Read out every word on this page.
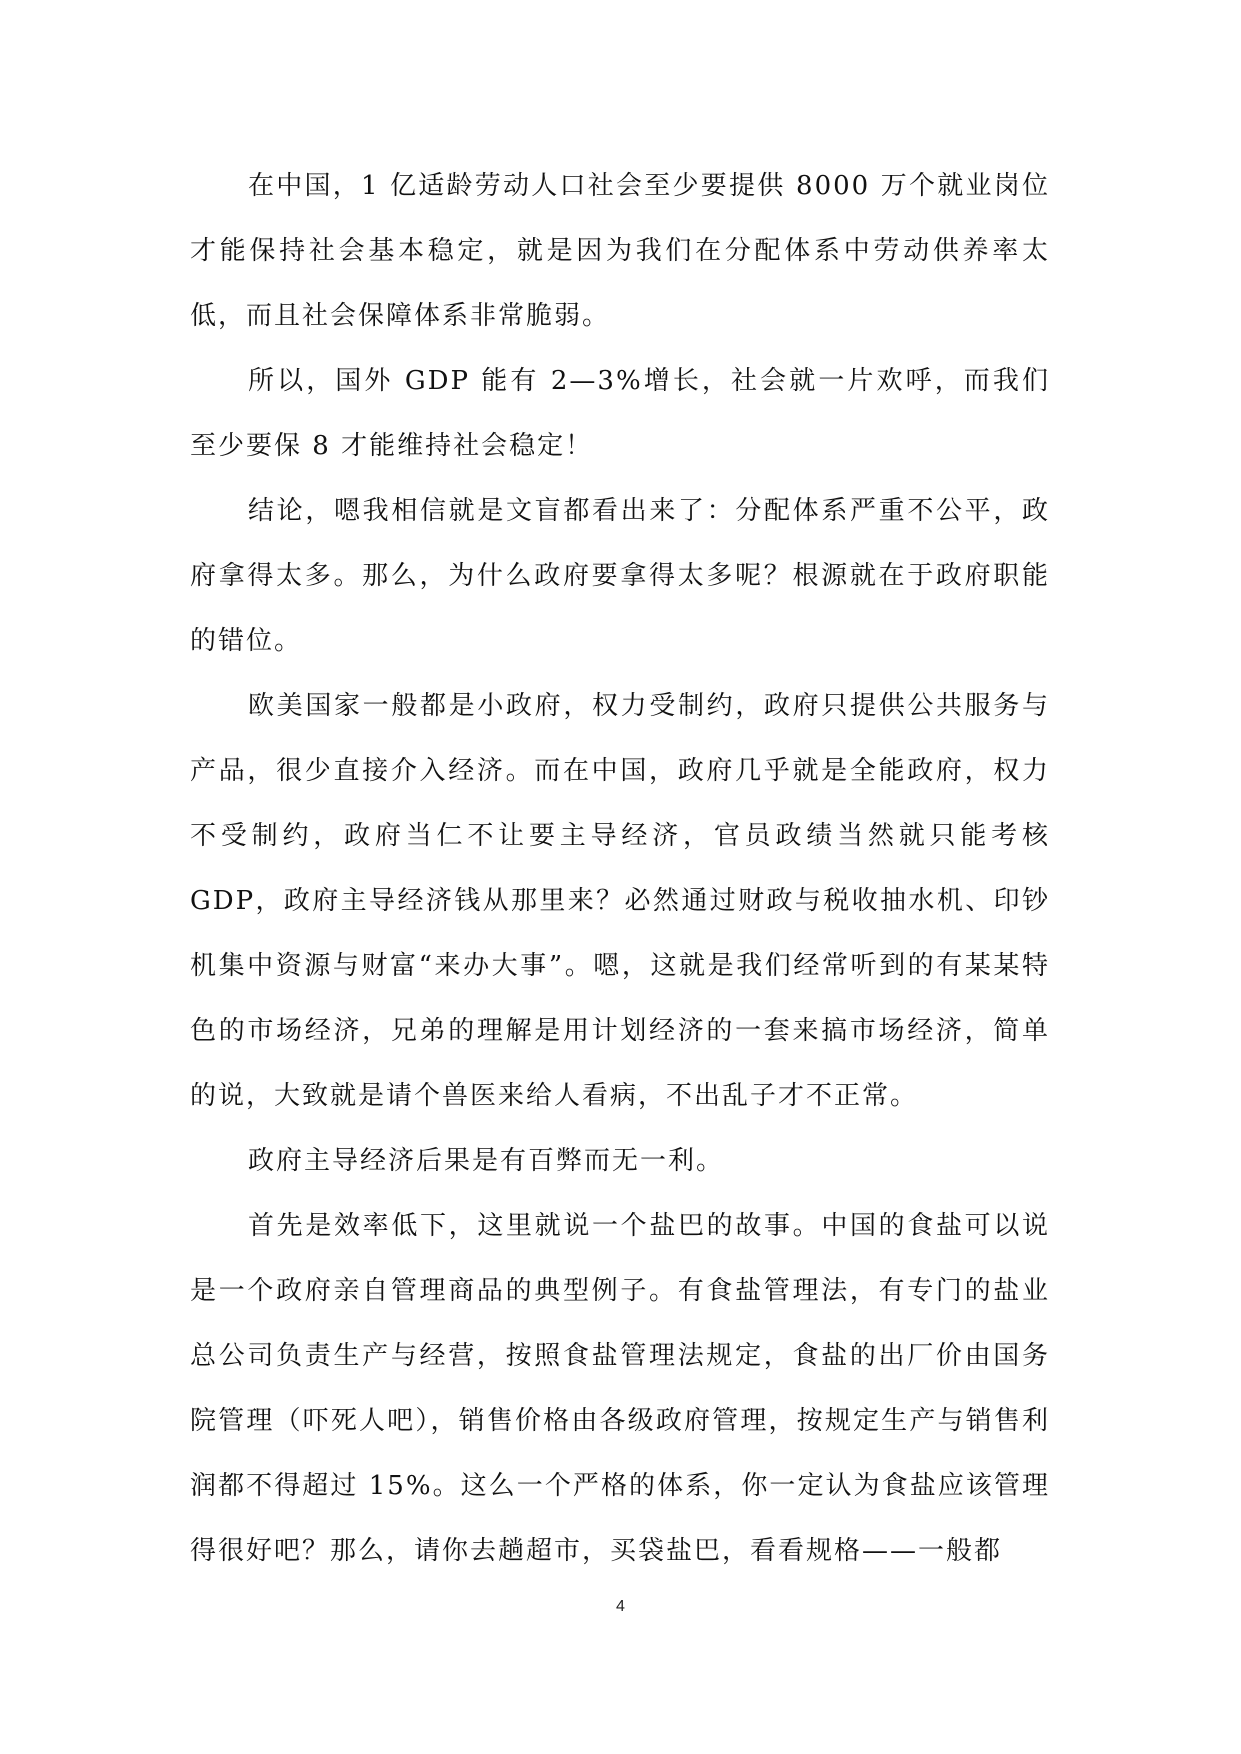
在中国，1 亿适龄劳动人口社会至少要提供 8000 万个就业岗位才能保持社会基本稳定，就是因为我们在分配体系中劳动供养率太低，而且社会保障体系非常脆弱。

所以，国外 GDP 能有 2—3%增长，社会就一片欢呼，而我们至少要保 8 才能维持社会稳定！

结论，嗯我相信就是文盲都看出来了：分配体系严重不公平，政府拿得太多。那么，为什么政府要拿得太多呢？根源就在于政府职能的错位。

欧美国家一般都是小政府，权力受制约，政府只提供公共服务与产品，很少直接介入经济。而在中国，政府几乎就是全能政府，权力不受制约，政府当仁不让要主导经济，官员政绩当然就只能考核 GDP，政府主导经济钱从那里来？必然通过财政与税收抽水机、印钞机集中资源与财富“来办大事”。嗯，这就是我们经常听到的有某某特色的市场经济，兄弟的理解是用计划经济的一套来搞市场经济，简单的说，大致就是请个兽医来给人看病，不出乱子才不正常。

政府主导经济后果是有百弊而无一利。

首先是效率低下，这里就说一个盐巴的故事。中国的食盐可以说是一个政府亲自管理商品的典型例子。有食盐管理法，有专门的盐业总公司负责生产与经营，按照食盐管理法规定，食盐的出厂价由国务院管理（吓死人吧），销售价格由各级政府管理，按规定生产与销售利润都不得超过 15%。这么一个严格的体系，你一定认为食盐应该管理得很好吧？那么，请你去趟超市，买袋盐巴，看看规格——一般都

4
